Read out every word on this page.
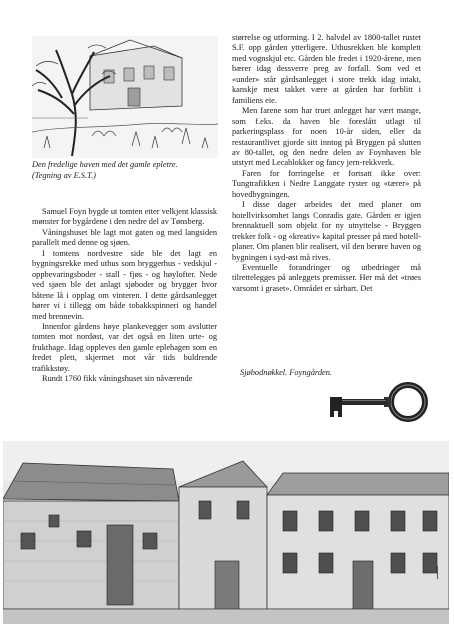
Den fredelige haven med det gamle epletre.
(Tegning av E.S.T.)

Samuel Foyn bygde ut tomten etter velkjent klassisk mønster for bygårdene i den nedre del av Tønsberg.

Våningshuset ble lagt mot gaten og med langsiden parallelt med denne og sjøen.

I tomtens nordvestre side ble det lagt en bygningsrekke med uthus som bryggerhus - vedskjul - oppbevaringsboder - stall - fjøs - og høylofter. Nede ved sjøen ble det anlagt sjøboder og brygger hvor båtene lå i opplag om vinteren. I dette gårdsanlegget hører vi i tillegg om både tobakkspinneri og handel med brennevin.

Innenfor gårdens høye plankevegger som avslutter tomten mot nordøst, var det også en liten urte- og frukthage. Idag oppleves den gamle eplehagen som en fredet plett, skjermet mot vår tids buldrende trafikkstøy.

Rundt 1760 fikk våningshuset sin nåværende

størrelse og utforming. I 2. halvdel av 1800-tallet rustet S.F. opp gården ytterligere. Uthusrekken ble komplett med vognskjul etc. Gården ble fredet i 1920-årene, men bærer idag dessverre preg av forfall. Som ved et «under» står gårdsanlegget i store trekk idag intakt, kanskje mest takket være at gården har forblitt i familiens eie.

Men farene som har truet anlegget har vært mange, som f.eks. da haven ble foreslått utlagt til parkeringsplass for noen 10-år siden, eller da restaurantlivet gjorde sitt inntog på Bryggen på slutten av 80-tallet, og den nedre delen av Foynhaven ble utstyrt med Lecablokker og fancy jern-rekkverk.

Faren for forringelse er fortsatt ikke over: Tungtrafikken i Nedre Langgate ryster og «tærer» på hovedbygningen.

I disse dager arbeides det med planer om hotellvirksomhet langs Conradis gate. Gården er igjen brennaktuell som objekt for ny utnyttelse - Bryggen trekker folk - og «kreativ» kapital presser på med hotell-planer. Om planen blir realisert, vil den berøre haven og bygningen i syd-øst må rives.

Eventuelle forandringer og utbedringer må tilrettelegges på anleggets premisser. Her må det «trøes varsomt i graset». Området er sårbart. Det

Sjøbodnøkkel. Foyngården.
